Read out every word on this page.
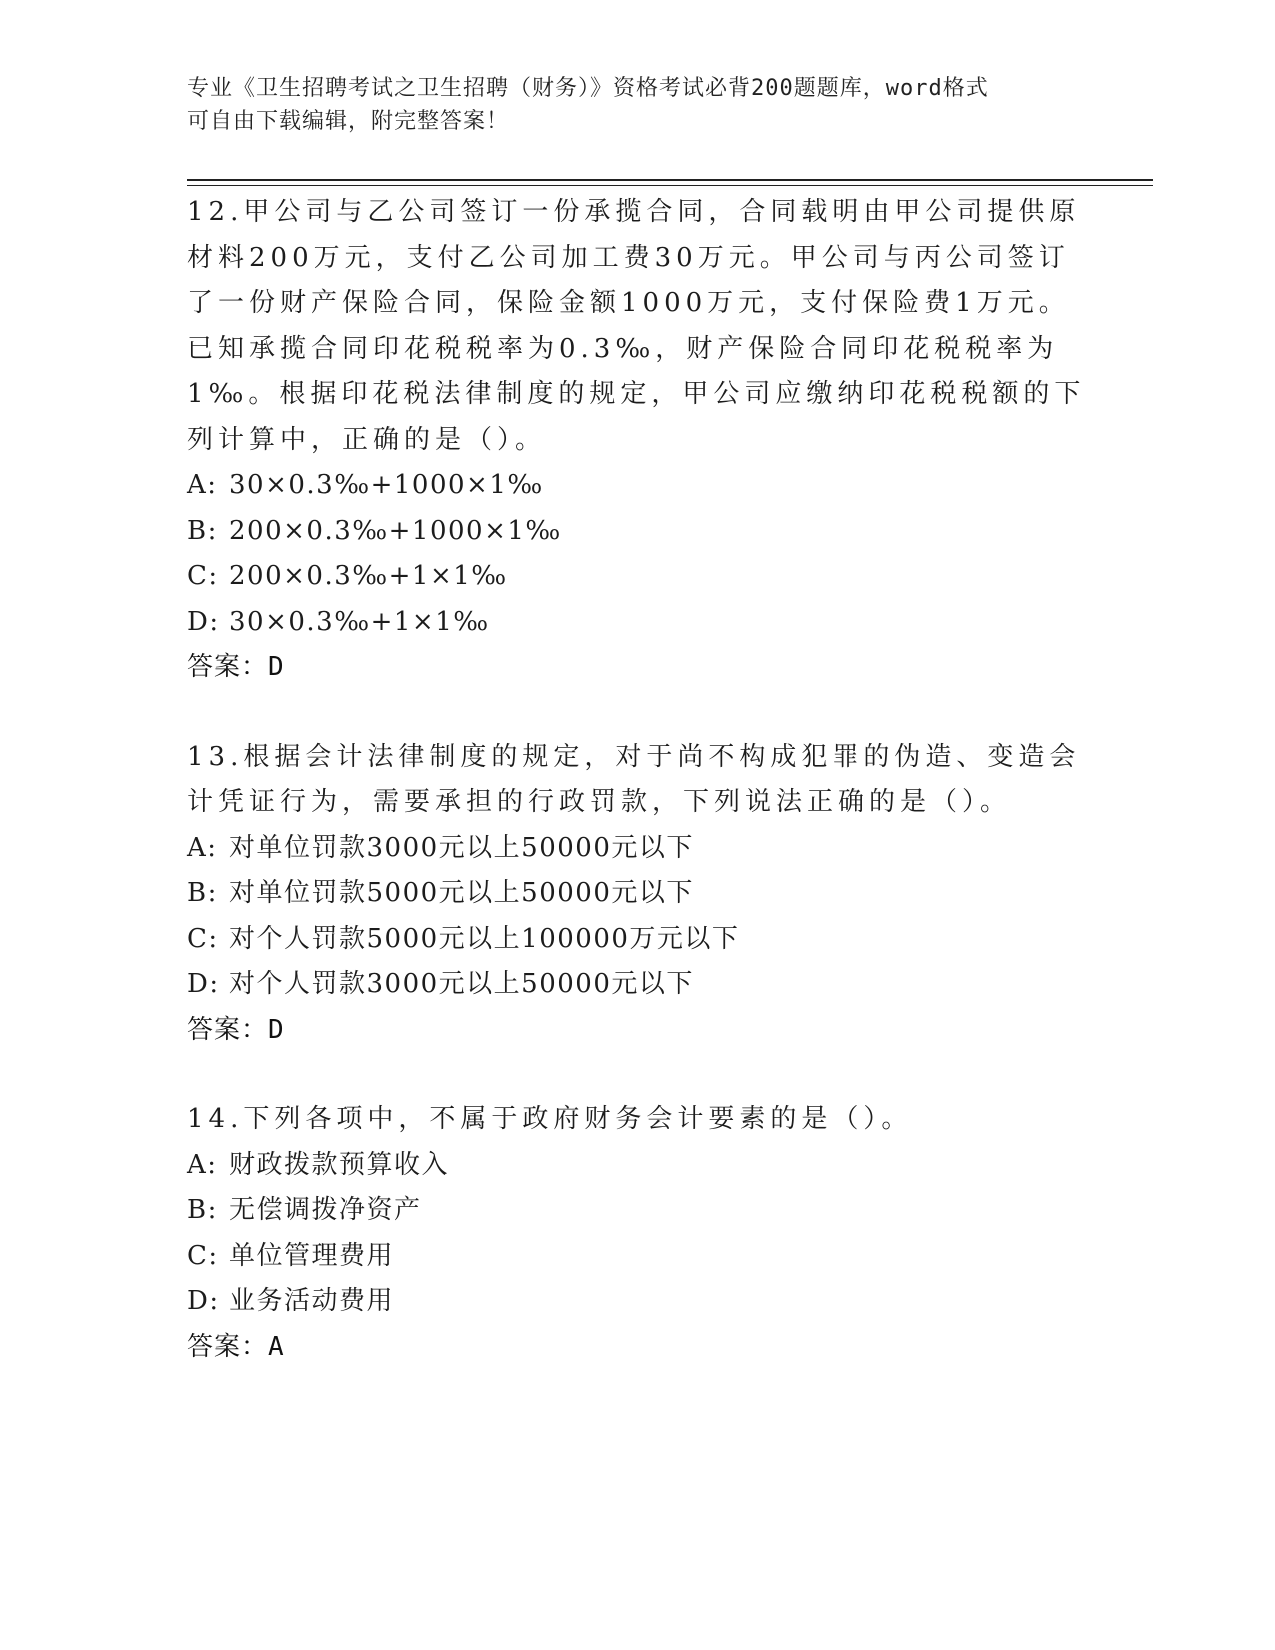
专业《卫生招聘考试之卫生招聘（财务）》资格考试必背200题题库，word格式
可自由下载编辑，附完整答案！

12.甲公司与乙公司签订一份承揽合同，合同载明由甲公司提供原材料200万元，支付乙公司加工费30万元。甲公司与丙公司签订了一份财产保险合同，保险金额1000万元，支付保险费1万元。已知承揽合同印花税税率为0.3‰，财产保险合同印花税税率为1‰。根据印花税法律制度的规定，甲公司应缴纳印花税税额的下列计算中，正确的是（）。

A: 30×0.3‰+1000×1‰

B: 200×0.3‰+1000×1‰

C: 200×0.3‰+1×1‰

D: 30×0.3‰+1×1‰

答案：D

13.根据会计法律制度的规定，对于尚不构成犯罪的伪造、变造会计凭证行为，需要承担的行政罚款，下列说法正确的是（）。

A: 对单位罚款3000元以上50000元以下

B: 对单位罚款5000元以上50000元以下

C: 对个人罚款5000元以上100000万元以下

D: 对个人罚款3000元以上50000元以下

答案：D

14.下列各项中，不属于政府财务会计要素的是（）。

A: 财政拨款预算收入

B: 无偿调拨净资产

C: 单位管理费用

D: 业务活动费用

答案：A
